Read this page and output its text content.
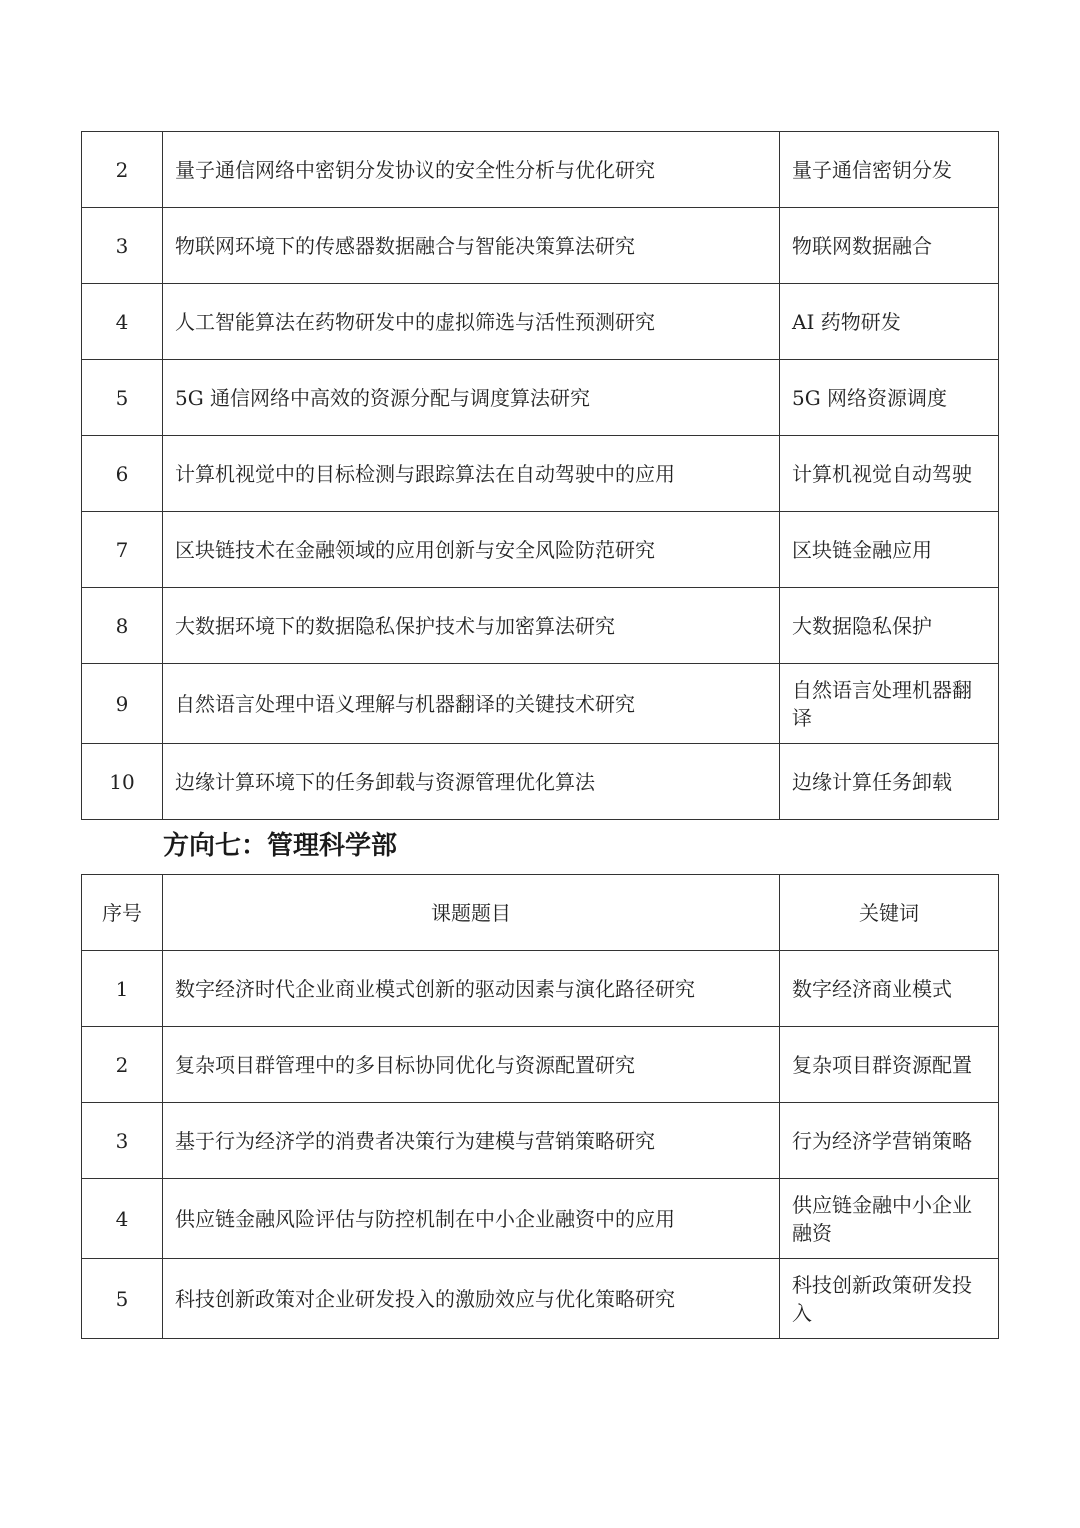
2	量子通信网络中密钥分发协议的安全性分析与优化研究	量子通信密钥分发
3	物联网环境下的传感器数据融合与智能决策算法研究	物联网数据融合
4	人工智能算法在药物研发中的虚拟筛选与活性预测研究	AI 药物研发
5	5G 通信网络中高效的资源分配与调度算法研究	5G 网络资源调度
6	计算机视觉中的目标检测与跟踪算法在自动驾驶中的应用	计算机视觉自动驾驶
7	区块链技术在金融领域的应用创新与安全风险防范研究	区块链金融应用
8	大数据环境下的数据隐私保护技术与加密算法研究	大数据隐私保护
9	自然语言处理中语义理解与机器翻译的关键技术研究	自然语言处理机器翻译
10	边缘计算环境下的任务卸载与资源管理优化算法	边缘计算任务卸载
方向七：管理科学部
序号	课题题目	关键词
1	数字经济时代企业商业模式创新的驱动因素与演化路径研究	数字经济商业模式
2	复杂项目群管理中的多目标协同优化与资源配置研究	复杂项目群资源配置
3	基于行为经济学的消费者决策行为建模与营销策略研究	行为经济学营销策略
4	供应链金融风险评估与防控机制在中小企业融资中的应用	供应链金融中小企业融资
5	科技创新政策对企业研发投入的激励效应与优化策略研究	科技创新政策研发投入
